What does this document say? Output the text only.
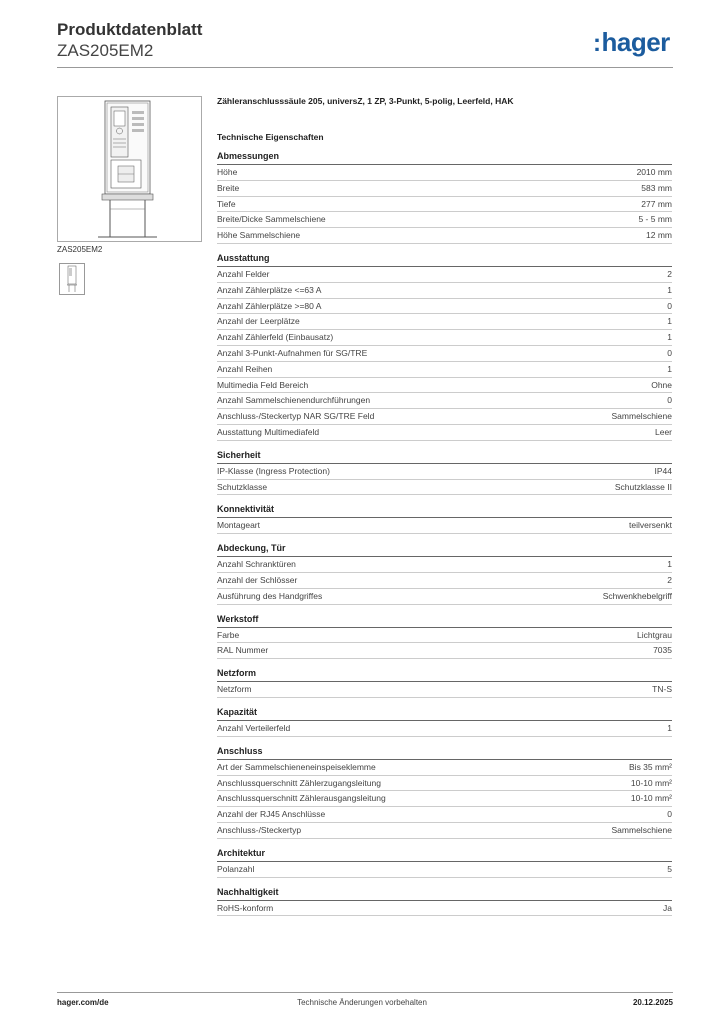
Produktdatenblatt
ZAS205EM2	:hager
ZAS205EM2
Zähleranschlusssäule 205, universZ, 1 ZP, 3-Punkt, 5-polig, Leerfeld, HAK
Technische Eigenschaften
Abmessungen
Höhe	2010 mm
Breite	583 mm
Tiefe	277 mm
Breite/Dicke Sammelschiene	5 - 5 mm
Höhe Sammelschiene	12 mm
Ausstattung
Anzahl Felder	2
Anzahl Zählerplätze <=63 A	1
Anzahl Zählerplätze >=80 A	0
Anzahl der Leerplätze	1
Anzahl Zählerfeld (Einbausatz)	1
Anzahl 3-Punkt-Aufnahmen für SG/TRE	0
Anzahl Reihen	1
Multimedia Feld Bereich	Ohne
Anzahl Sammelschienendurchführungen	0
Anschluss-/Steckertyp NAR SG/TRE Feld	Sammelschiene
Ausstattung Multimediafeld	Leer
Sicherheit
IP-Klasse (Ingress Protection)	IP44
Schutzklasse	Schutzklasse II
Konnektivität
Montageart	teilversenkt
Abdeckung, Tür
Anzahl Schranktüren	1
Anzahl der Schlösser	2
Ausführung des Handgriffes	Schwenkhebelgriff
Werkstoff
Farbe	Lichtgrau
RAL Nummer	7035
Netzform
Netzform	TN-S
Kapazität
Anzahl Verteilerfeld	1
Anschluss
Art der Sammelschieneneinspeiseklemme	Bis 35 mm²
Anschlussquerschnitt Zählerzugangsleitung	10-10 mm²
Anschlussquerschnitt Zählerausgangsleitung	10-10 mm²
Anzahl der RJ45 Anschlüsse	0
Anschluss-/Steckertyp	Sammelschiene
Architektur
Polanzahl	5
Nachhaltigkeit
RoHS-konform	Ja
hager.com/de	Technische Änderungen vorbehalten	20.12.2025
